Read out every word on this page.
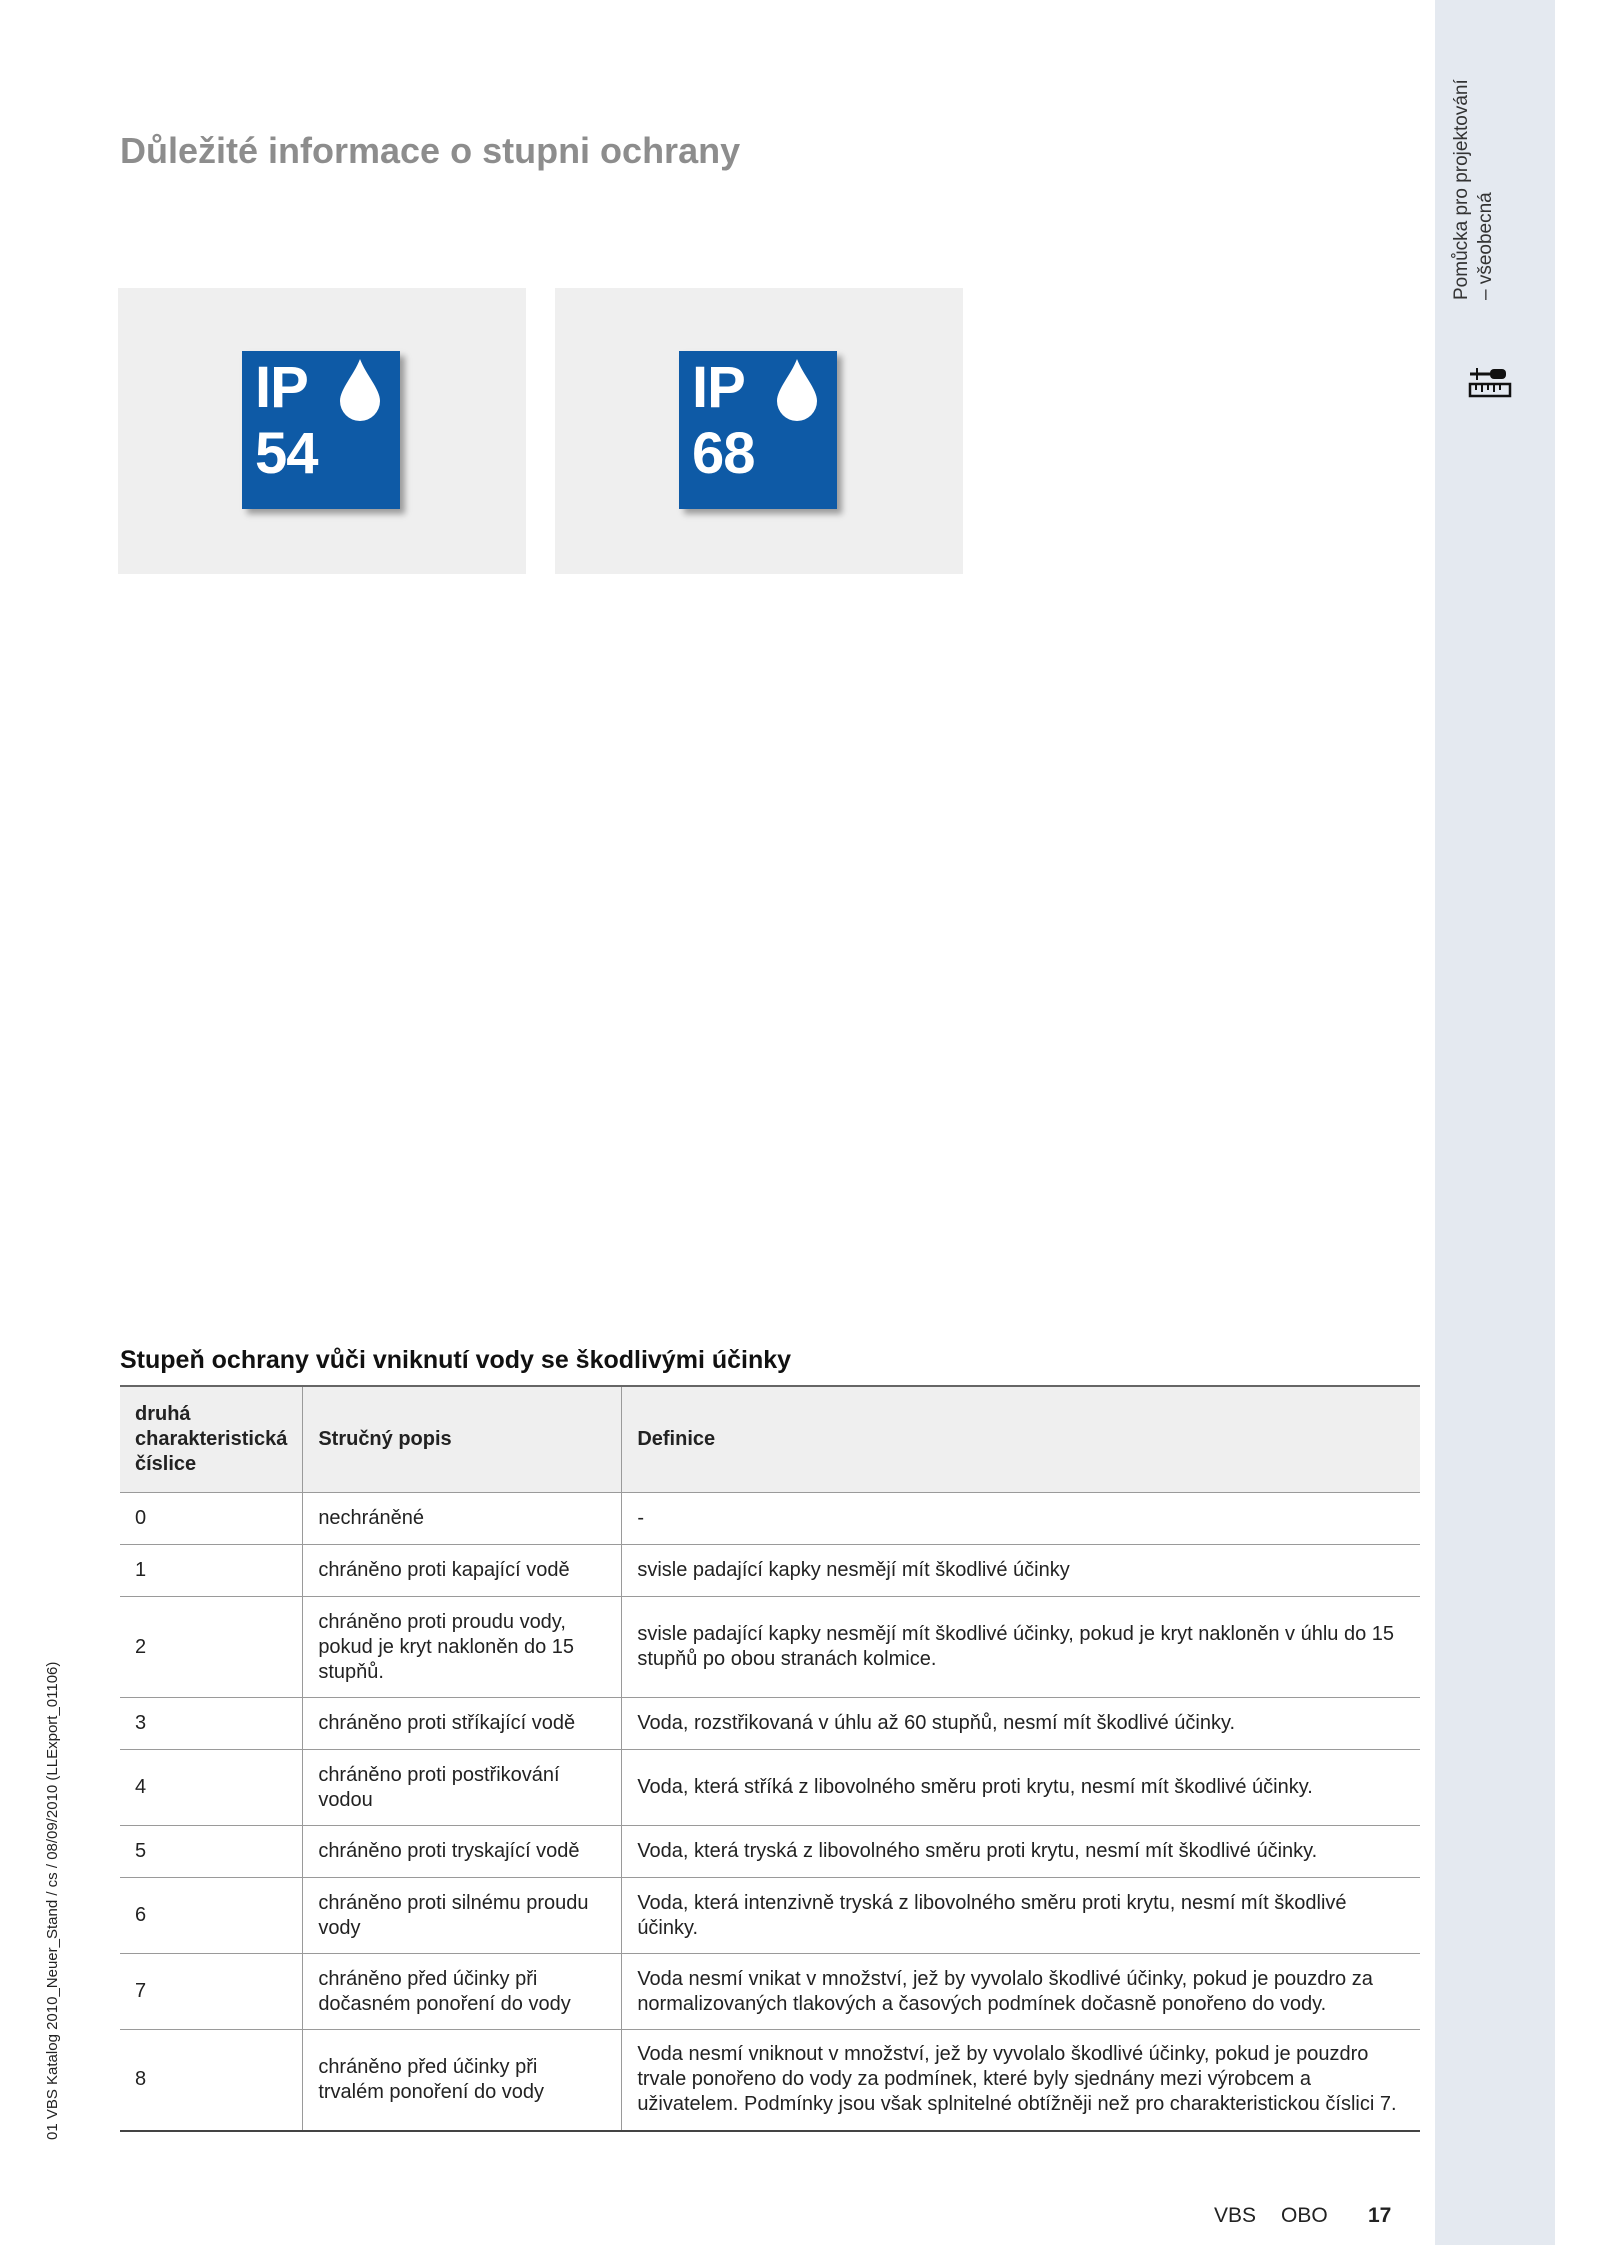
Pomůcka pro projektování – všeobecná
Důležité informace o stupni ochrany
IP
54
IP
68
Stupeň ochrany vůči vniknutí vody se škodlivými účinky
druhá charakteristická číslice	Stručný popis	Definice
0	nechráněné	-
1	chráněno proti kapající vodě	svisle padající kapky nesmějí mít škodlivé účinky
2	chráněno proti proudu vody, pokud je kryt nakloněn do 15 stupňů.	svisle padající kapky nesmějí mít škodlivé účinky, pokud je kryt nakloněn v úhlu do 15 stupňů po obou stranách kolmice.
3	chráněno proti stříkající vodě	Voda, rozstřikovaná v úhlu až 60 stupňů, nesmí mít škodlivé účinky.
4	chráněno proti postřikování vodou	Voda, která stříká z libovolného směru proti krytu, nesmí mít škodlivé účinky.
5	chráněno proti tryskající vodě	Voda, která tryská z libovolného směru proti krytu, nesmí mít škodlivé účinky.
6	chráněno proti silnému proudu vody	Voda, která intenzivně tryská z libovolného směru proti krytu, nesmí mít škodlivé účinky.
7	chráněno před účinky při dočasném ponoření do vody	Voda nesmí vnikat v množství, jež by vyvolalo škodlivé účinky, pokud je pouzdro za normalizovaných tlakových a časových podmínek dočasně ponořeno do vody.
8	chráněno před účinky při trvalém ponoření do vody	Voda nesmí vniknout v množství, jež by vyvolalo škodlivé účinky, pokud je pouzdro trvale ponořeno do vody za podmínek, které byly sjednány mezi výrobcem a uživatelem. Podmínky jsou však splnitelné obtížněji než pro charakteristickou číslici 7.
01 VBS Katalog 2010_Neuer_Stand / cs / 08/09/2010 (LLExport_01106)
VBS OBO 17
